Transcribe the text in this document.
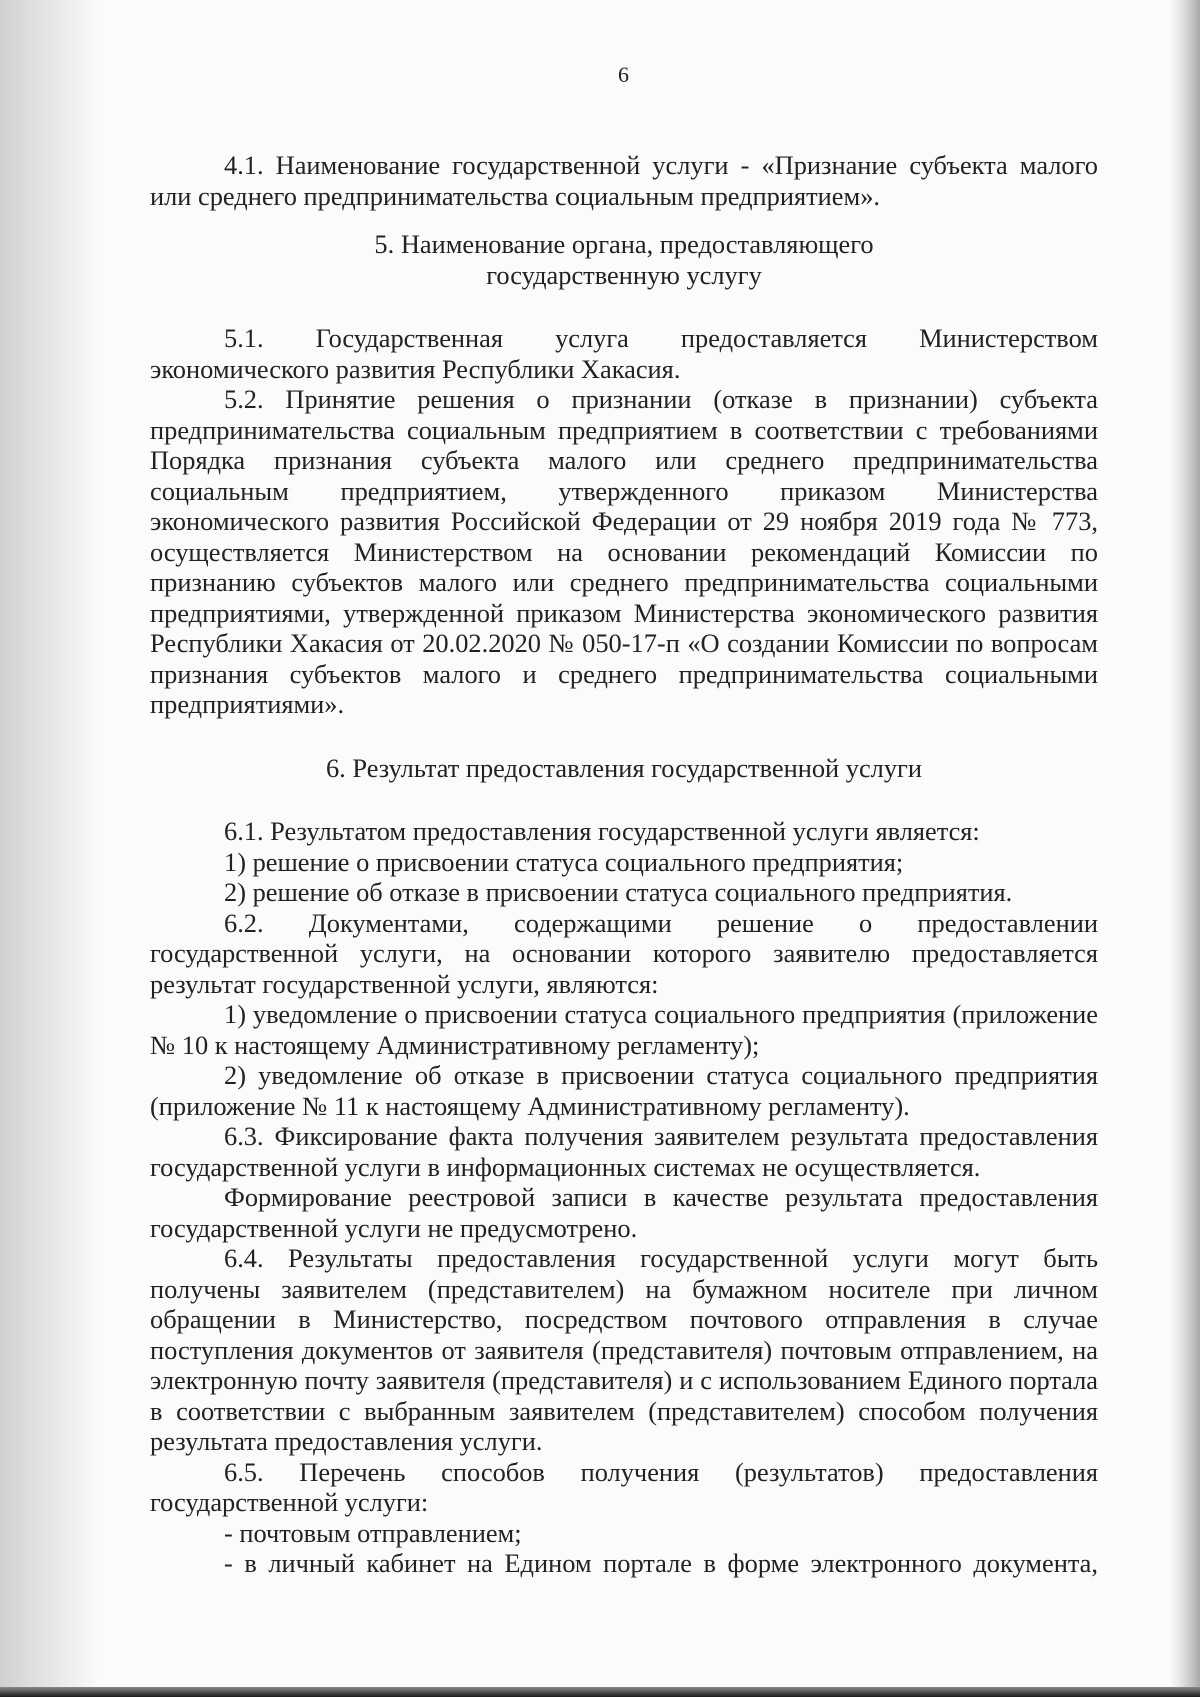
6

4.1. Наименование государственной услуги - «Признание субъекта малого

или среднего предпринимательства социальным предприятием».

5. Наименование органа, предоставляющего

государственную услугу

5.1. Государственная услуга предоставляется Министерством

экономического развития Республики Хакасия.

5.2. Принятие решения о признании (отказе в признании) субъекта

предпринимательства социальным предприятием в соответствии с требованиями

Порядка признания субъекта малого или среднего предпринимательства

социальным предприятием, утвержденного приказом Министерства

экономического развития Российской Федерации от 29 ноября 2019 года № 773,

осуществляется Министерством на основании рекомендаций Комиссии по

признанию субъектов малого или среднего предпринимательства социальными

предприятиями, утвержденной приказом Министерства экономического развития

Республики Хакасия от 20.02.2020 № 050-17-п «О создании Комиссии по вопросам

признания субъектов малого и среднего предпринимательства социальными

предприятиями».

6. Результат предоставления государственной услуги

6.1. Результатом предоставления государственной услуги является:

1) решение о присвоении статуса социального предприятия;

2) решение об отказе в присвоении статуса социального предприятия.

6.2. Документами, содержащими решение о предоставлении

государственной услуги, на основании которого заявителю предоставляется

результат государственной услуги, являются:

1) уведомление о присвоении статуса социального предприятия (приложение

№ 10 к настоящему Административному регламенту);

2) уведомление об отказе в присвоении статуса социального предприятия

(приложение № 11 к настоящему Административному регламенту).

6.3. Фиксирование факта получения заявителем результата предоставления

государственной услуги в информационных системах не осуществляется.

Формирование реестровой записи в качестве результата предоставления

государственной услуги не предусмотрено.

6.4. Результаты предоставления государственной услуги могут быть

получены заявителем (представителем) на бумажном носителе при личном

обращении в Министерство, посредством почтового отправления в случае

поступления документов от заявителя (представителя) почтовым отправлением, на

электронную почту заявителя (представителя) и с использованием Единого портала

в соответствии с выбранным заявителем (представителем) способом получения

результата предоставления услуги.

6.5. Перечень способов получения (результатов) предоставления

государственной услуги:

- почтовым отправлением;

- в личный кабинет на Едином портале в форме электронного документа,
